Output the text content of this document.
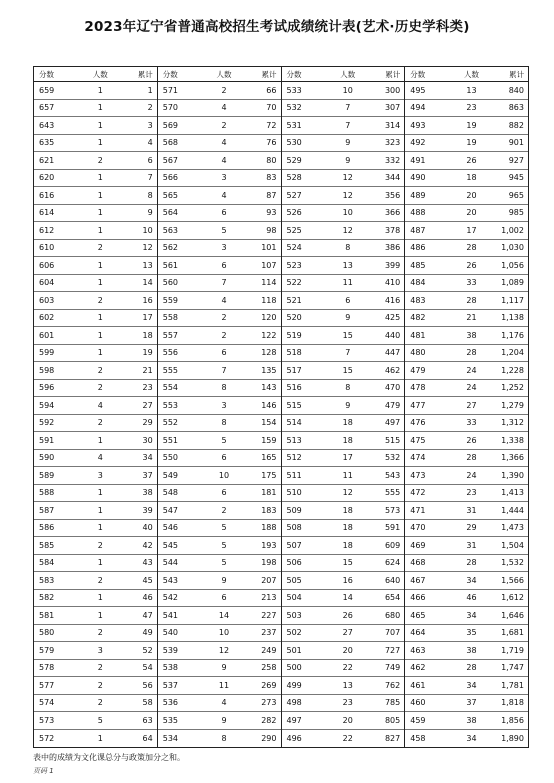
2023年辽宁省普通高校招生考试成绩统计表(艺术·历史学科类)
分数	人数	累计
659	1	1
657	1	2
643	1	3
635	1	4
621	2	6
620	1	7
616	1	8
614	1	9
612	1	10
610	2	12
606	1	13
604	1	14
603	2	16
602	1	17
601	1	18
599	1	19
598	2	21
596	2	23
594	4	27
592	2	29
591	1	30
590	4	34
589	3	37
588	1	38
587	1	39
586	1	40
585	2	42
584	1	43
583	2	45
582	1	46
581	1	47
580	2	49
579	3	52
578	2	54
577	2	56
574	2	58
573	5	63
572	1	64
分数	人数	累计
571	2	66
570	4	70
569	2	72
568	4	76
567	4	80
566	3	83
565	4	87
564	6	93
563	5	98
562	3	101
561	6	107
560	7	114
559	4	118
558	2	120
557	2	122
556	6	128
555	7	135
554	8	143
553	3	146
552	8	154
551	5	159
550	6	165
549	10	175
548	6	181
547	2	183
546	5	188
545	5	193
544	5	198
543	9	207
542	6	213
541	14	227
540	10	237
539	12	249
538	9	258
537	11	269
536	4	273
535	9	282
534	8	290
分数	人数	累计
533	10	300
532	7	307
531	7	314
530	9	323
529	9	332
528	12	344
527	12	356
526	10	366
525	12	378
524	8	386
523	13	399
522	11	410
521	6	416
520	9	425
519	15	440
518	7	447
517	15	462
516	8	470
515	9	479
514	18	497
513	18	515
512	17	532
511	11	543
510	12	555
509	18	573
508	18	591
507	18	609
506	15	624
505	16	640
504	14	654
503	26	680
502	27	707
501	20	727
500	22	749
499	13	762
498	23	785
497	20	805
496	22	827
分数	人数	累计
495	13	840
494	23	863
493	19	882
492	19	901
491	26	927
490	18	945
489	20	965
488	20	985
487	17	1,002
486	28	1,030
485	26	1,056
484	33	1,089
483	28	1,117
482	21	1,138
481	38	1,176
480	28	1,204
479	24	1,228
478	24	1,252
477	27	1,279
476	33	1,312
475	26	1,338
474	28	1,366
473	24	1,390
472	23	1,413
471	31	1,444
470	29	1,473
469	31	1,504
468	28	1,532
467	34	1,566
466	46	1,612
465	34	1,646
464	35	1,681
463	38	1,719
462	28	1,747
461	34	1,781
460	37	1,818
459	38	1,856
458	34	1,890
表中的成绩为文化课总分与政策加分之和。
页码 1
